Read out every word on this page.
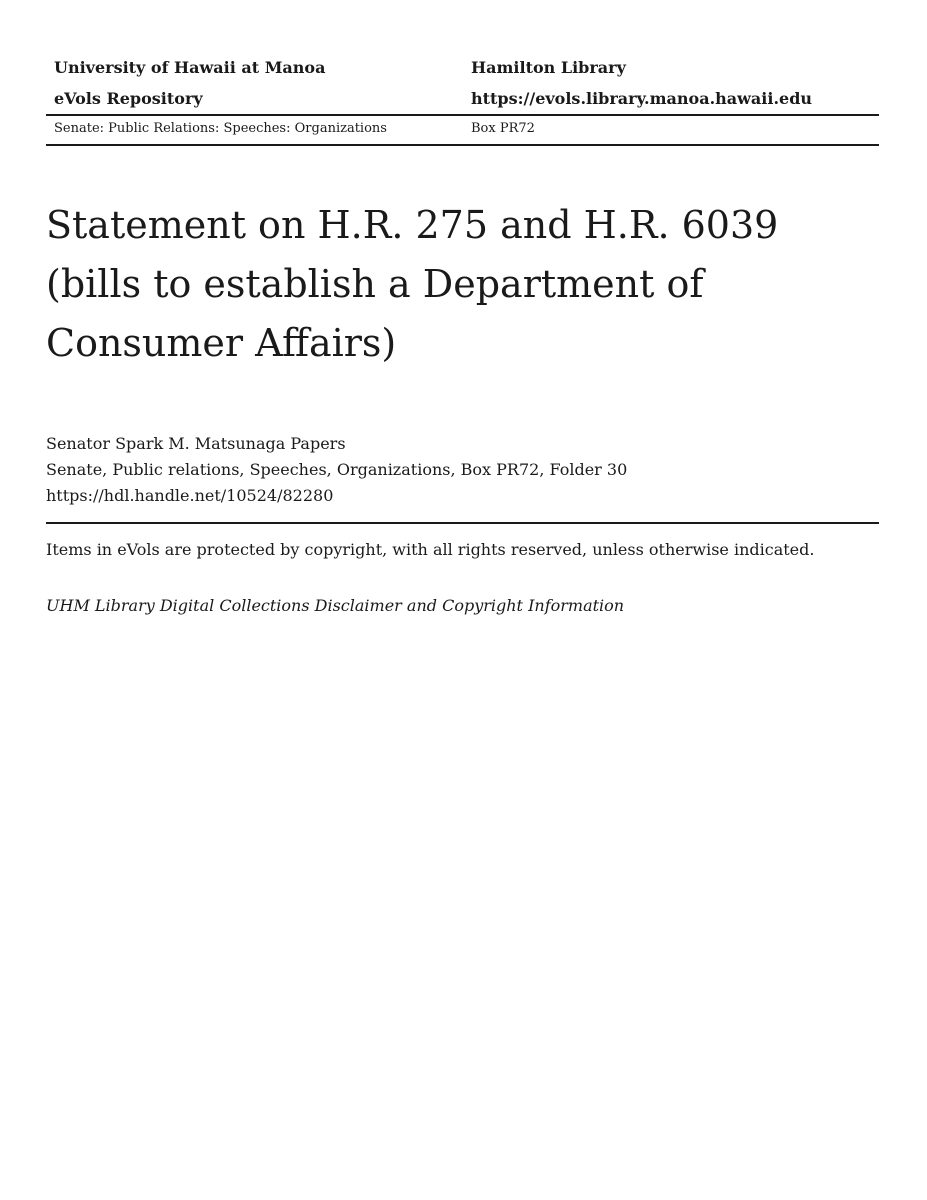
University of Hawaii at Manoa	Hamilton Library
eVols Repository	https://evols.library.manoa.hawaii.edu
Senate: Public Relations: Speeches: Organizations	Box PR72
Statement on H.R. 275 and H.R. 6039 (bills to establish a Department of Consumer Affairs)
Senator Spark M. Matsunaga Papers
Senate, Public relations, Speeches, Organizations, Box PR72, Folder 30
https://hdl.handle.net/10524/82280
Items in eVols are protected by copyright, with all rights reserved, unless otherwise indicated.
UHM Library Digital Collections Disclaimer and Copyright Information
